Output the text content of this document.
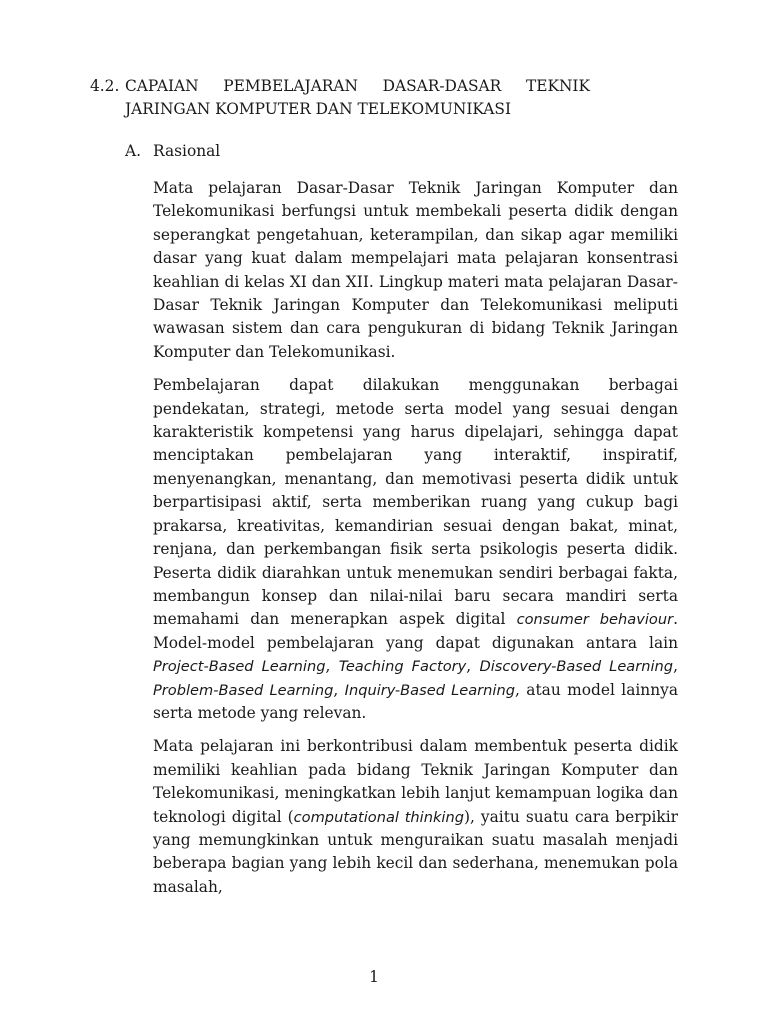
4.2. CAPAIAN PEMBELAJARAN DASAR-DASAR TEKNIK
JARINGAN KOMPUTER DAN TELEKOMUNIKASI
A. Rasional

Mata pelajaran Dasar-Dasar Teknik Jaringan Komputer dan Telekomunikasi berfungsi untuk membekali peserta didik dengan seperangkat pengetahuan, keterampilan, dan sikap agar memiliki dasar yang kuat dalam mempelajari mata pelajaran konsentrasi keahlian di kelas XI dan XII. Lingkup materi mata pelajaran Dasar-Dasar Teknik Jaringan Komputer dan Telekomunikasi meliputi wawasan sistem dan cara pengukuran di bidang Teknik Jaringan Komputer dan Telekomunikasi.

Pembelajaran dapat dilakukan menggunakan berbagai pendekatan, strategi, metode serta model yang sesuai dengan karakteristik kompetensi yang harus dipelajari, sehingga dapat menciptakan pembelajaran yang interaktif, inspiratif, menyenangkan, menantang, dan memotivasi peserta didik untuk berpartisipasi aktif, serta memberikan ruang yang cukup bagi prakarsa, kreativitas, kemandirian sesuai dengan bakat, minat, renjana, dan perkembangan fisik serta psikologis peserta didik. Peserta didik diarahkan untuk menemukan sendiri berbagai fakta, membangun konsep dan nilai-nilai baru secara mandiri serta memahami dan menerapkan aspek digital consumer behaviour. Model-model pembelajaran yang dapat digunakan antara lain Project-Based Learning, Teaching Factory, Discovery-Based Learning, Problem-Based Learning, Inquiry-Based Learning, atau model lainnya serta metode yang relevan.

Mata pelajaran ini berkontribusi dalam membentuk peserta didik memiliki keahlian pada bidang Teknik Jaringan Komputer dan Telekomunikasi, meningkatkan lebih lanjut kemampuan logika dan teknologi digital (computational thinking), yaitu suatu cara berpikir yang memungkinkan untuk menguraikan suatu masalah menjadi beberapa bagian yang lebih kecil dan sederhana, menemukan pola masalah,

1
